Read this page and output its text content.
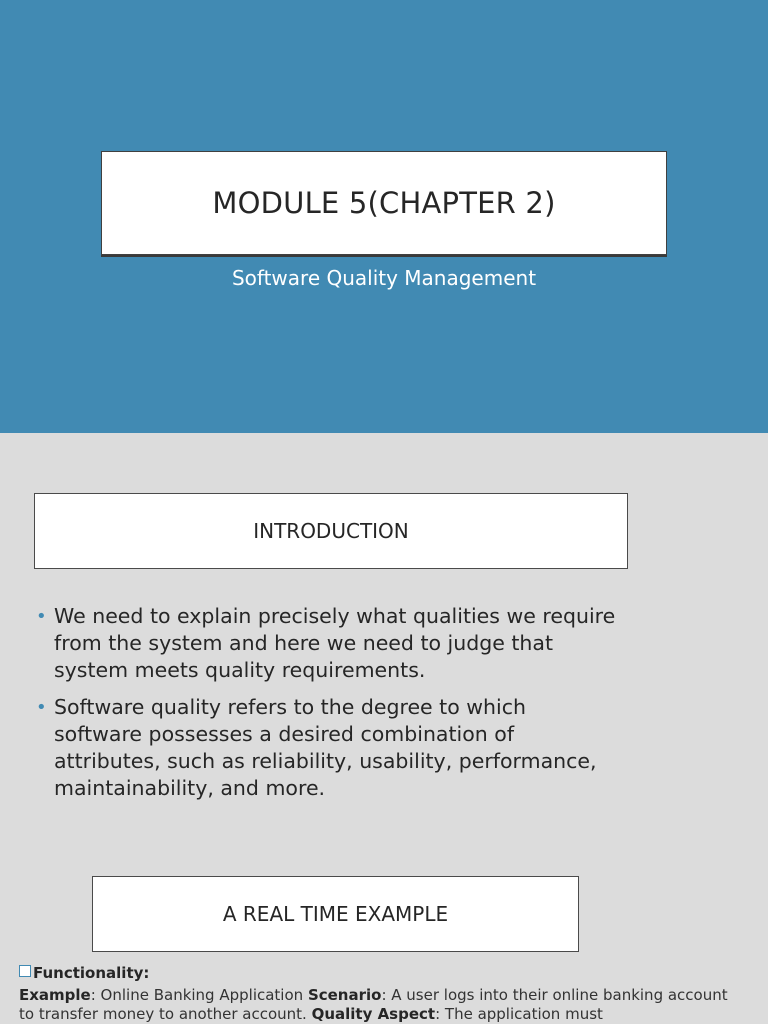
MODULE 5(CHAPTER 2)
Software Quality Management
INTRODUCTION
• We need to explain precisely what qualities we require from the system and here we need to judge that system meets quality requirements.
• Software quality refers to the degree to which software possesses a desired combination of attributes, such as reliability, usability, performance, maintainability, and more.
A REAL TIME EXAMPLE
Functionality:
Example: Online Banking Application Scenario: A user logs into their online banking account to transfer money to another account. Quality Aspect: The application must
